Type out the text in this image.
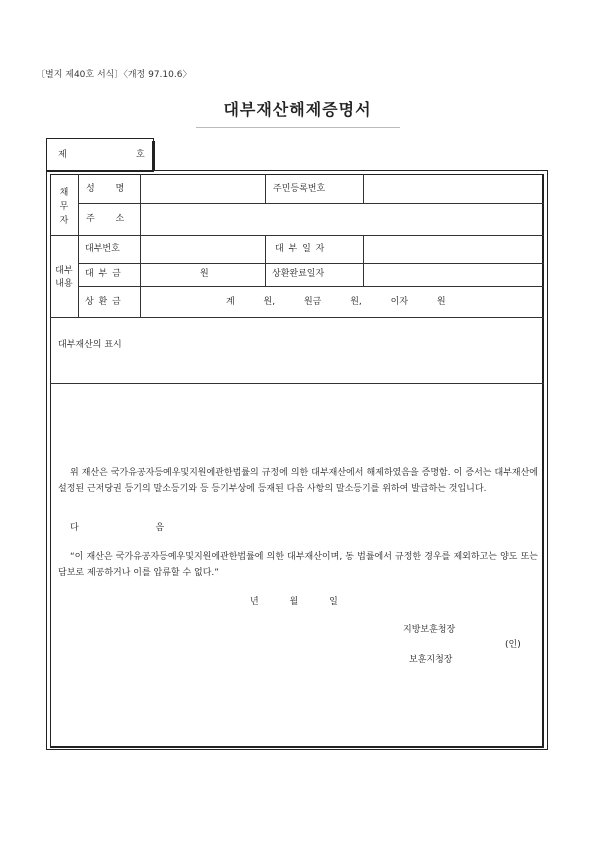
〔별지 제40호 서식〕〈개정 97.10.6〉
대부재산해제증명서
제	호
채무자
성 명	주민등록번호
주 소
대부내용
대부번호	대 부 일 자
대 부 금	원	상환완료일자
상 환 금	계 원, 원금 원, 이자 원
대부재산의 표시
위 재산은 국가유공자등예우및지원에관한법률의 규정에 의한 대부재산에서 해제하였음을 증명함. 이 증서는 대부재산에 설정된 근저당권 등기의 말소등기와 등 등기부상에 등재된 다음 사항의 말소등기를 위하여 발급하는 것입니다.
다 음
“이 재산은 국가유공자등예우및지원에관한법률에 의한 대부재산이며, 동 법률에서 규정한 경우를 제외하고는 양도 또는 담보로 제공하거나 이를 압류할 수 없다.”
년 월 일
지방보훈청장
(인)
보훈지청장
